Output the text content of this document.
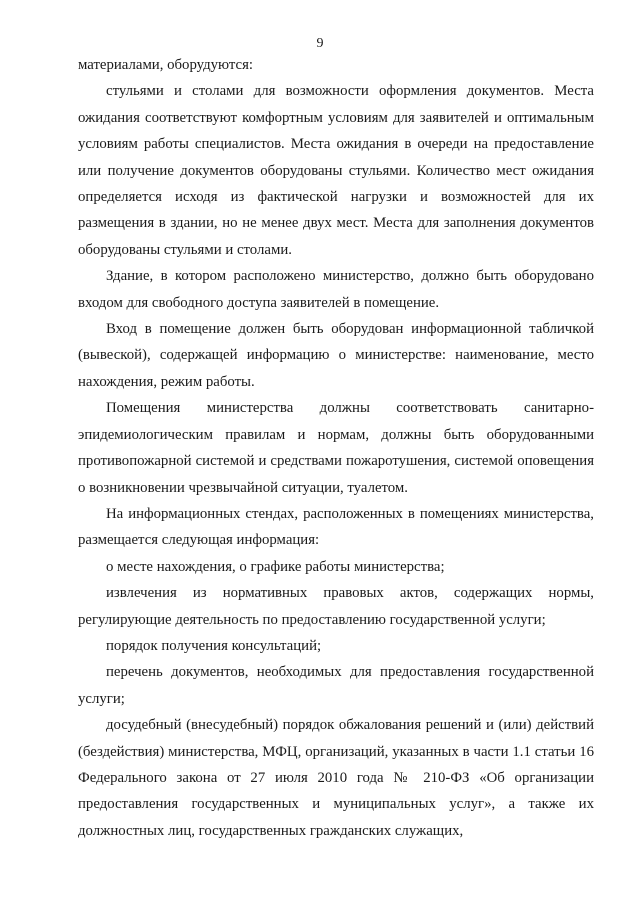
9

материалами, оборудуются:

стульями и столами для возможности оформления документов. Места ожидания соответствуют комфортным условиям для заявителей и оптимальным условиям работы специалистов. Места ожидания в очереди на предоставление или получение документов оборудованы стульями. Количество мест ожидания определяется исходя из фактической нагрузки и возможностей для их размещения в здании, но не менее двух мест. Места для заполнения документов оборудованы стульями и столами.

Здание, в котором расположено министерство, должно быть оборудовано входом для свободного доступа заявителей в помещение.

Вход в помещение должен быть оборудован информационной табличкой (вывеской), содержащей информацию о министерстве: наименование, место нахождения, режим работы.

Помещения министерства должны соответствовать санитарно-эпидемиологическим правилам и нормам, должны быть оборудованными противопожарной системой и средствами пожаротушения, системой оповещения о возникновении чрезвычайной ситуации, туалетом.

На информационных стендах, расположенных в помещениях министерства, размещается следующая информация:

о месте нахождения, о графике работы министерства;

извлечения из нормативных правовых актов, содержащих нормы, регулирующие деятельность по предоставлению государственной услуги;

порядок получения консультаций;

перечень документов, необходимых для предоставления государственной услуги;

досудебный (внесудебный) порядок обжалования решений и (или) действий (бездействия) министерства, МФЦ, организаций, указанных в части 1.1 статьи 16 Федерального закона от 27 июля 2010 года № 210-ФЗ «Об организации предоставления государственных и муниципальных услуг», а также их должностных лиц, государственных гражданских служащих,
